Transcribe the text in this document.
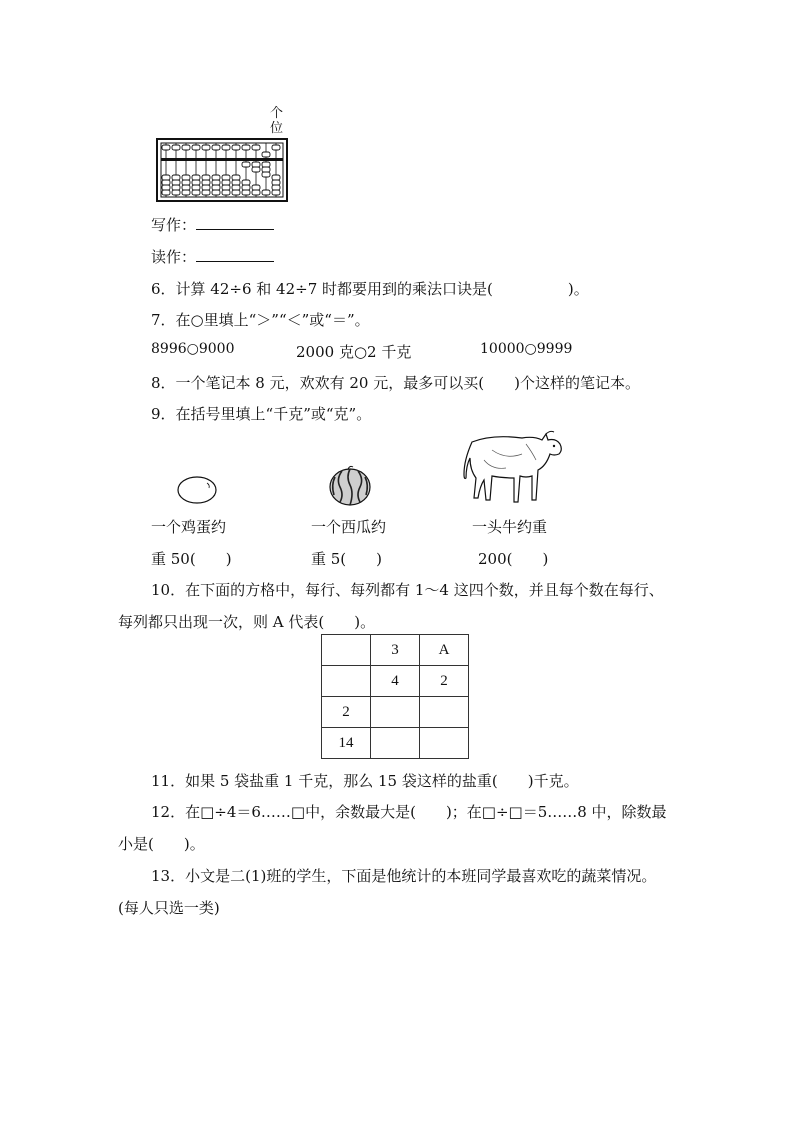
个
位
写作：
读作：
6．计算 42÷6 和 42÷7 时都要用到的乘法口诀是(　　　　　)。
7．在○里填上“＞”“＜”或“＝”。
8996○9000	2000 克○2 千克	10000○9999
8．一个笔记本 8 元，欢欢有 20 元，最多可以买(　　)个这样的笔记本。
9．在括号里填上“千克”或“克”。
一个鸡蛋约	一个西瓜约	一头牛约重
重 50(　　)	重 5(　　)	200(　　)
10．在下面的方格中，每行、每列都有 1～4 这四个数，并且每个数在每行、
每列都只出现一次，则 A 代表(　　)。
	3	A
	4	2
2		
14		
11．如果 5 袋盐重 1 千克，那么 15 袋这样的盐重(　　)千克。
12．在□÷4＝6……□中，余数最大是(　　)；在□÷□＝5……8 中，除数最
小是(　　)。
13．小文是二(1)班的学生，下面是他统计的本班同学最喜欢吃的蔬菜情况。
(每人只选一类)
